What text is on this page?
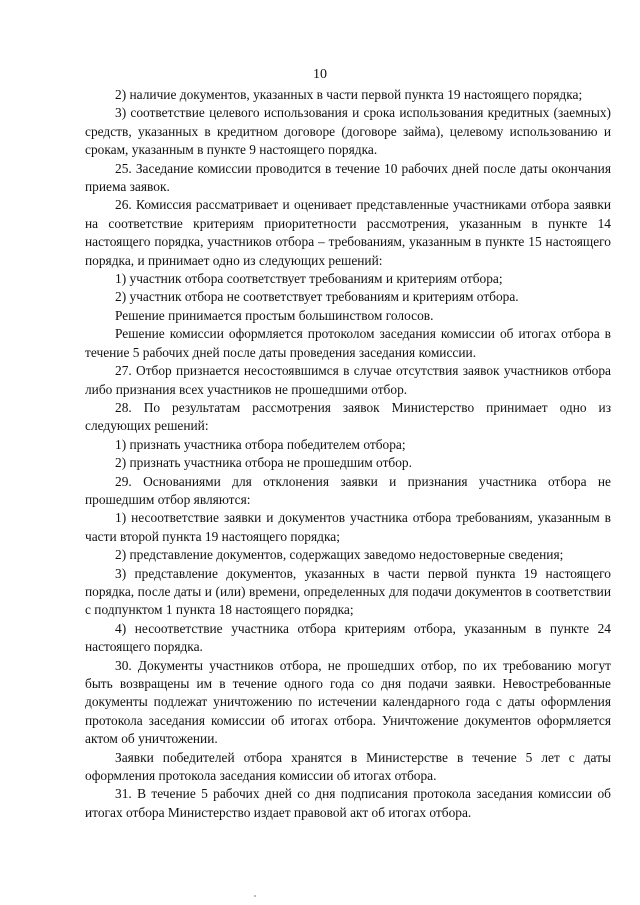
10

2) наличие документов, указанных в части первой пункта 19 настоящего порядка;

3) соответствие целевого использования и срока использования кредитных (заемных) средств, указанных в кредитном договоре (договоре займа), целевому использованию и срокам, указанным в пункте 9 настоящего порядка.

25. Заседание комиссии проводится в течение 10 рабочих дней после даты окончания приема заявок.

26. Комиссия рассматривает и оценивает представленные участниками отбора заявки на соответствие критериям приоритетности рассмотрения, указанным в пункте 14 настоящего порядка, участников отбора – требованиям, указанным в пункте 15 настоящего порядка, и принимает одно из следующих решений:

1) участник отбора соответствует требованиям и критериям отбора;

2) участник отбора не соответствует требованиям и критериям отбора.

Решение принимается простым большинством голосов.

Решение комиссии оформляется протоколом заседания комиссии об итогах отбора в течение 5 рабочих дней после даты проведения заседания комиссии.

27. Отбор признается несостоявшимся в случае отсутствия заявок участников отбора либо признания всех участников не прошедшими отбор.

28. По результатам рассмотрения заявок Министерство принимает одно из следующих решений:

1) признать участника отбора победителем отбора;

2) признать участника отбора не прошедшим отбор.

29. Основаниями для отклонения заявки и признания участника отбора не прошедшим отбор являются:

1) несоответствие заявки и документов участника отбора требованиям, указанным в части второй пункта 19 настоящего порядка;

2) представление документов, содержащих заведомо недостоверные сведения;

3) представление документов, указанных в части первой пункта 19 настоящего порядка, после даты и (или) времени, определенных для подачи документов в соответствии с подпунктом 1 пункта 18 настоящего порядка;

4) несоответствие участника отбора критериям отбора, указанным в пункте 24 настоящего порядка.

30. Документы участников отбора, не прошедших отбор, по их требованию могут быть возвращены им в течение одного года со дня подачи заявки. Невостребованные документы подлежат уничтожению по истечении календарного года с даты оформления протокола заседания комиссии об итогах отбора. Уничтожение документов оформляется актом об уничтожении.

Заявки победителей отбора хранятся в Министерстве в течение 5 лет с даты оформления протокола заседания комиссии об итогах отбора.

31. В течение 5 рабочих дней со дня подписания протокола заседания комиссии об итогах отбора Министерство издает правовой акт об итогах отбора.
